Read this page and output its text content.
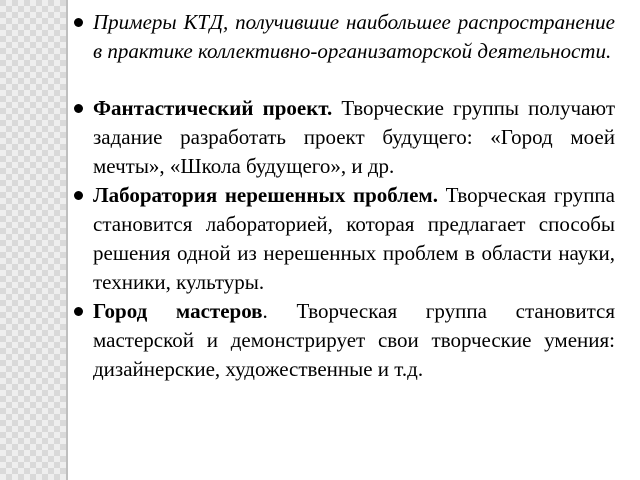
Примеры КТД, получившие наибольшее распространение в практике коллективно-организаторской деятельности.
Фантастический проект. Творческие группы получают задание разработать проект будущего: «Город моей мечты», «Школа будущего», и др.
Лаборатория нерешенных проблем. Творческая группа становится лабораторией, которая предлагает способы решения одной из нерешенных проблем в области науки, техники, культуры.
Город мастеров. Творческая группа становится мастерской и демонстрирует свои творческие умения: дизайнерские, художественные и т.д.
